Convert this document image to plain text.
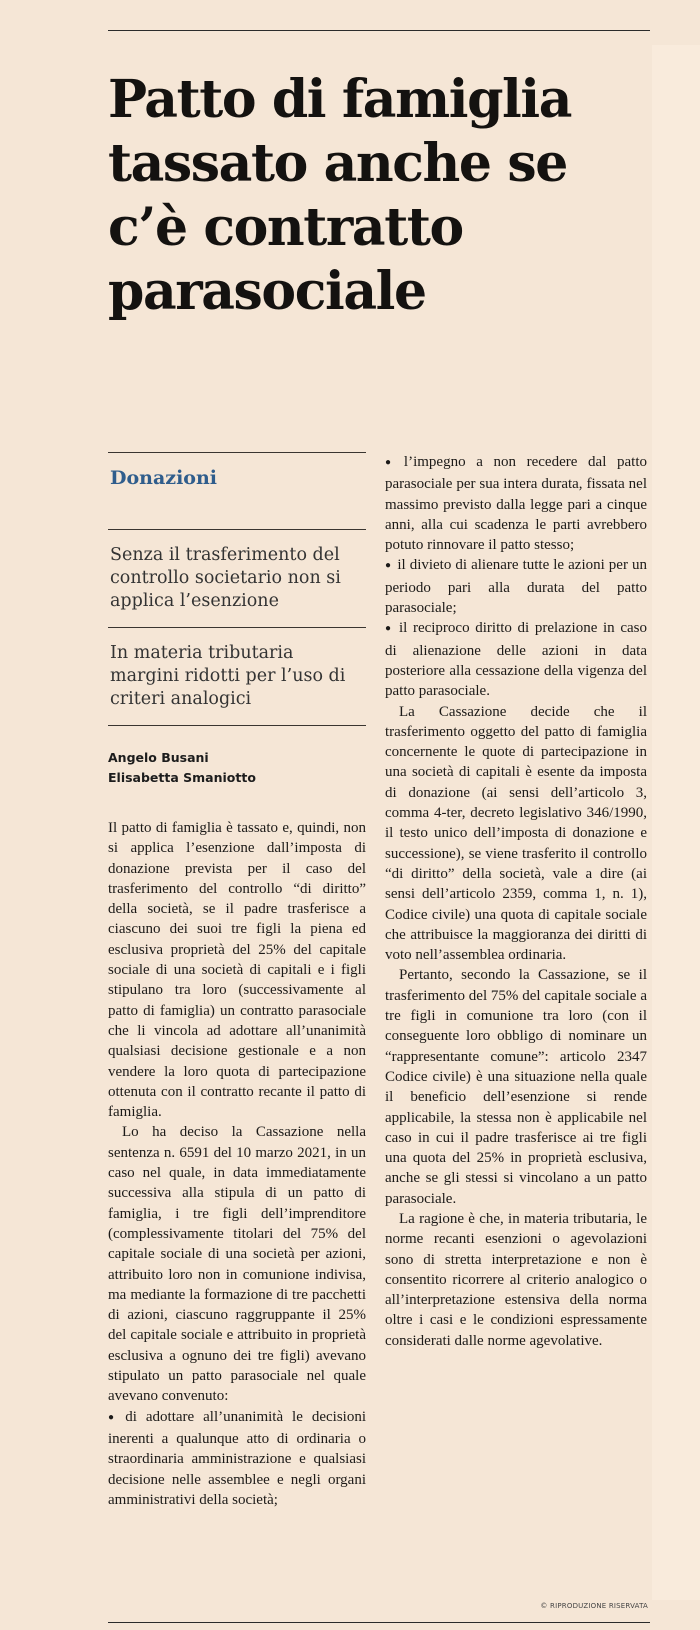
Patto di famiglia tassato anche se c’è contratto parasociale
Donazioni
Senza il trasferimento del controllo societario non si applica l’esenzione
In materia tributaria margini ridotti per l’uso di criteri analogici
Angelo Busani
Elisabetta Smaniotto

Il patto di famiglia è tassato e, quindi, non si applica l’esenzione dall’imposta di donazione prevista per il caso del trasferimento del controllo “di diritto” della società, se il padre trasferisce a ciascuno dei suoi tre figli la piena ed esclusiva proprietà del 25% del capitale sociale di una società di capitali e i figli stipulano tra loro (successivamente al patto di famiglia) un contratto parasociale che li vincola ad adottare all’unanimità qualsiasi decisione gestionale e a non vendere la loro quota di partecipazione ottenuta con il contratto recante il patto di famiglia.

Lo ha deciso la Cassazione nella sentenza n. 6591 del 10 marzo 2021, in un caso nel quale, in data immediatamente successiva alla stipula di un patto di famiglia, i tre figli dell’imprenditore (complessivamente titolari del 75% del capitale sociale di una società per azioni, attribuito loro non in comunione indivisa, ma mediante la formazione di tre pacchetti di azioni, ciascuno raggruppante il 25% del capitale sociale e attribuito in proprietà esclusiva a ognuno dei tre figli) avevano stipulato un patto parasociale nel quale avevano convenuto:

● di adottare all’unanimità le decisioni inerenti a qualunque atto di ordinaria o straordinaria amministrazione e qualsiasi decisione nelle assemblee e negli organi amministrativi della società;

● l’impegno a non recedere dal patto parasociale per sua intera durata, fissata nel massimo previsto dalla legge pari a cinque anni, alla cui scadenza le parti avrebbero potuto rinnovare il patto stesso;

● il divieto di alienare tutte le azioni per un periodo pari alla durata del patto parasociale;

● il reciproco diritto di prelazione in caso di alienazione delle azioni in data posteriore alla cessazione della vigenza del patto parasociale.

La Cassazione decide che il trasferimento oggetto del patto di famiglia concernente le quote di partecipazione in una società di capitali è esente da imposta di donazione (ai sensi dell’articolo 3, comma 4-ter, decreto legislativo 346/1990, il testo unico dell’imposta di donazione e successione), se viene trasferito il controllo “di diritto” della società, vale a dire (ai sensi dell’articolo 2359, comma 1, n. 1), Codice civile) una quota di capitale sociale che attribuisce la maggioranza dei diritti di voto nell’assemblea ordinaria.

Pertanto, secondo la Cassazione, se il trasferimento del 75% del capitale sociale a tre figli in comunione tra loro (con il conseguente loro obbligo di nominare un “rappresentante comune”: articolo 2347 Codice civile) è una situazione nella quale il beneficio dell’esenzione si rende applicabile, la stessa non è applicabile nel caso in cui il padre trasferisce ai tre figli una quota del 25% in proprietà esclusiva, anche se gli stessi si vincolano a un patto parasociale.

La ragione è che, in materia tributaria, le norme recanti esenzioni o agevolazioni sono di stretta interpretazione e non è consentito ricorrere al criterio analogico o all’interpretazione estensiva della norma oltre i casi e le condizioni espressamente considerati dalle norme agevolative.

© RIPRODUZIONE RISERVATA
